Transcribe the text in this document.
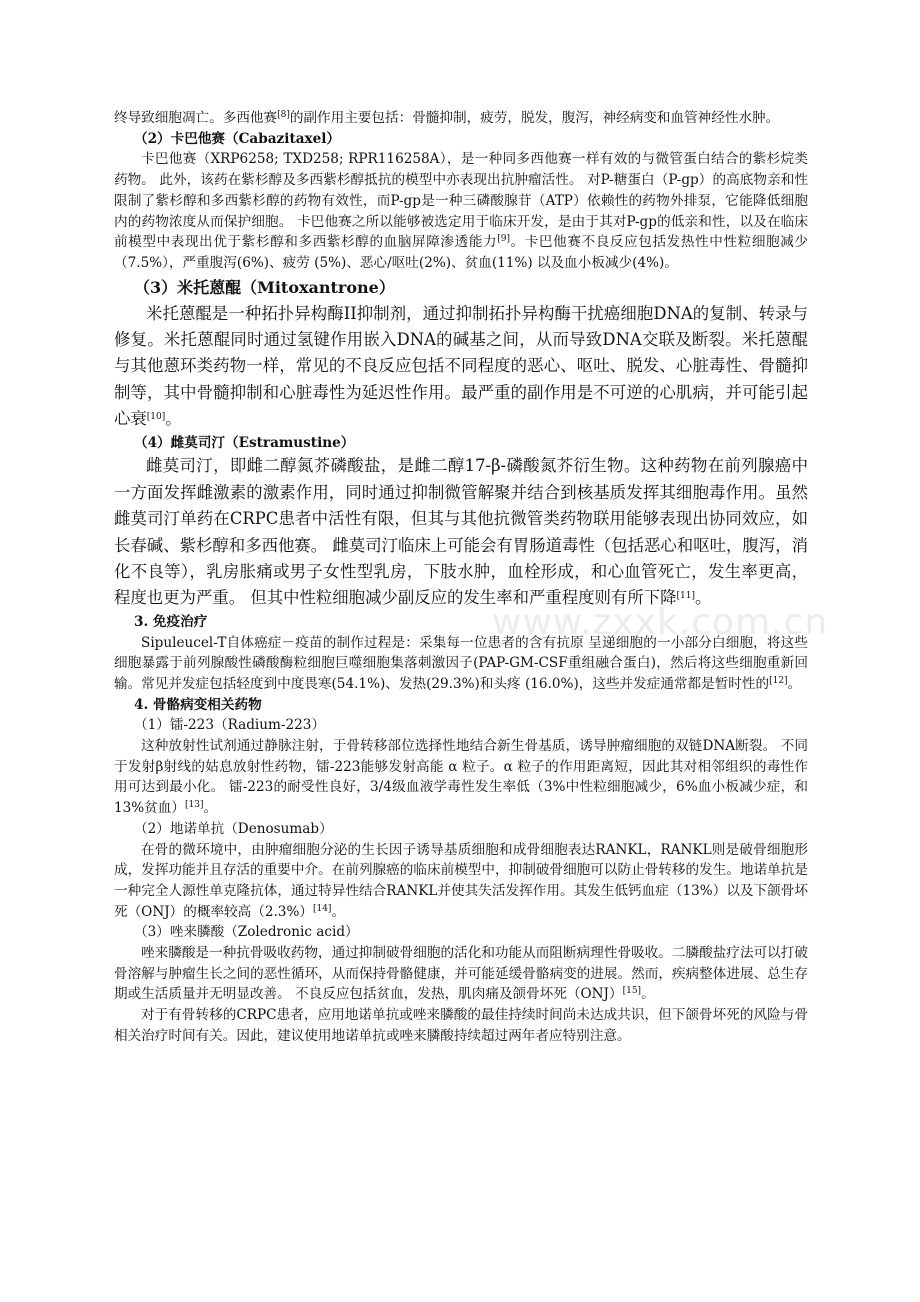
www.zxxk.com.cn

终导致细胞凋亡。多西他赛[8]的副作用主要包括：骨髓抑制，疲劳，脱发，腹泻，神经病变和血管神经性水肿。

（2）卡巴他赛（Cabazitaxel）

卡巴他赛（XRP6258; TXD258; RPR116258A），是一种同多西他赛一样有效的与微管蛋白结合的紫杉烷类药物。 此外，该药在紫杉醇及多西紫杉醇抵抗的模型中亦表现出抗肿瘤活性。 对P-糖蛋白（P-gp）的高底物亲和性限制了紫杉醇和多西紫杉醇的药物有效性，而P-gp是一种三磷酸腺苷（ATP）依赖性的药物外排泵，它能降低细胞内的药物浓度从而保护细胞。 卡巴他赛之所以能够被选定用于临床开发，是由于其对P-gp的低亲和性，以及在临床前模型中表现出优于紫杉醇和多西紫杉醇的血脑屏障渗透能力[9]。卡巴他赛不良反应包括发热性中性粒细胞减少（7.5%），严重腹泻(6%)、疲劳 (5%)、恶心/呕吐(2%)、贫血(11%) 以及血小板减少(4%)。

（3）米托蒽醌（Mitoxantrone）

米托蒽醌是一种拓扑异构酶II抑制剂，通过抑制拓扑异构酶干扰癌细胞DNA的复制、转录与修复。米托蒽醌同时通过氢键作用嵌入DNA的碱基之间，从而导致DNA交联及断裂。米托蒽醌与其他蒽环类药物一样，常见的不良反应包括不同程度的恶心、呕吐、脱发、心脏毒性、骨髓抑制等，其中骨髓抑制和心脏毒性为延迟性作用。最严重的副作用是不可逆的心肌病，并可能引起心衰[10]。

（4）雌莫司汀（Estramustine）

雌莫司汀，即雌二醇氮芥磷酸盐，是雌二醇17-β-磷酸氮芥衍生物。这种药物在前列腺癌中一方面发挥雌激素的激素作用，同时通过抑制微管解聚并结合到核基质发挥其细胞毒作用。虽然雌莫司汀单药在CRPC患者中活性有限，但其与其他抗微管类药物联用能够表现出协同效应，如长春碱、紫杉醇和多西他赛。 雌莫司汀临床上可能会有胃肠道毒性（包括恶心和呕吐，腹泻，消化不良等），乳房胀痛或男子女性型乳房，下肢水肿，血栓形成，和心血管死亡，发生率更高，程度也更为严重。 但其中性粒细胞减少副反应的发生率和严重程度则有所下降[11]。

3. 免疫治疗

Sipuleucel-T自体癌症－疫苗的制作过程是：采集每一位患者的含有抗原 呈递细胞的一小部分白细胞，将这些细胞暴露于前列腺酸性磷酸酶粒细胞巨噬细胞集落刺激因子(PAP-GM-CSF重组融合蛋白)，然后将这些细胞重新回输。常见并发症包括轻度到中度畏寒(54.1%)、发热(29.3%)和头疼 (16.0%)，这些并发症通常都是暂时性的[12]。

4. 骨骼病变相关药物
（1）镭-223（Radium-223）

这种放射性试剂通过静脉注射，于骨转移部位选择性地结合新生骨基质，诱导肿瘤细胞的双链DNA断裂。 不同于发射β射线的姑息放射性药物，镭-223能够发射高能 α 粒子。α 粒子的作用距离短，因此其对相邻组织的毒性作用可达到最小化。 镭-223的耐受性良好，3/4级血液学毒性发生率低（3%中性粒细胞减少，6%血小板减少症，和13%贫血）[13]。

（2）地诺单抗（Denosumab）

在骨的微环境中，由肿瘤细胞分泌的生长因子诱导基质细胞和成骨细胞表达RANKL，RANKL则是破骨细胞形成，发挥功能并且存活的重要中介。在前列腺癌的临床前模型中，抑制破骨细胞可以防止骨转移的发生。地诺单抗是一种完全人源性单克隆抗体，通过特异性结合RANKL并使其失活发挥作用。其发生低钙血症（13%）以及下颌骨坏死（ONJ）的概率较高（2.3%）[14]。

（3）唑来膦酸（Zoledronic acid）

唑来膦酸是一种抗骨吸收药物，通过抑制破骨细胞的活化和功能从而阻断病理性骨吸收。二膦酸盐疗法可以打破骨溶解与肿瘤生长之间的恶性循环，从而保持骨骼健康，并可能延缓骨骼病变的进展。然而，疾病整体进展、总生存期或生活质量并无明显改善。 不良反应包括贫血，发热，肌肉痛及颌骨坏死（ONJ）[15]。

对于有骨转移的CRPC患者，应用地诺单抗或唑来膦酸的最佳持续时间尚未达成共识，但下颌骨坏死的风险与骨相关治疗时间有关。因此，建议使用地诺单抗或唑来膦酸持续超过两年者应特别注意。
